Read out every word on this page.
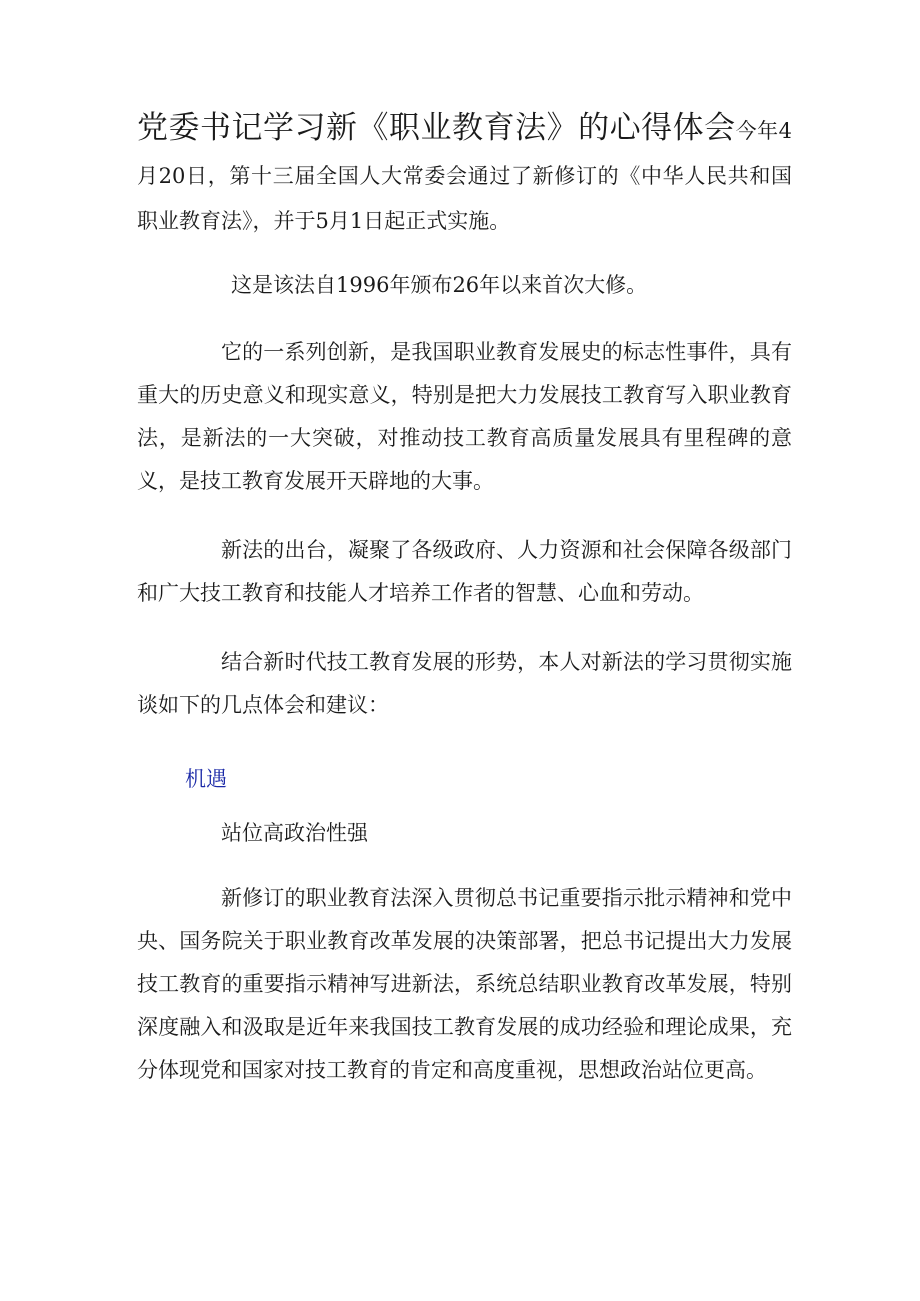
党委书记学习新《职业教育法》的心得体会今年4月20日，第十三届全国人大常委会通过了新修订的《中华人民共和国职业教育法》，并于5月1日起正式实施。

这是该法自1996年颁布26年以来首次大修。

它的一系列创新，是我国职业教育发展史的标志性事件，具有重大的历史意义和现实意义，特别是把大力发展技工教育写入职业教育法，是新法的一大突破，对推动技工教育高质量发展具有里程碑的意义，是技工教育发展开天辟地的大事。

新法的出台，凝聚了各级政府、人力资源和社会保障各级部门和广大技工教育和技能人才培养工作者的智慧、心血和劳动。

结合新时代技工教育发展的形势，本人对新法的学习贯彻实施谈如下的几点体会和建议：

机遇
站位高政治性强

新修订的职业教育法深入贯彻总书记重要指示批示精神和党中央、国务院关于职业教育改革发展的决策部署，把总书记提出大力发展技工教育的重要指示精神写进新法，系统总结职业教育改革发展，特别深度融入和汲取是近年来我国技工教育发展的成功经验和理论成果，充分体现党和国家对技工教育的肯定和高度重视，思想政治站位更高。
